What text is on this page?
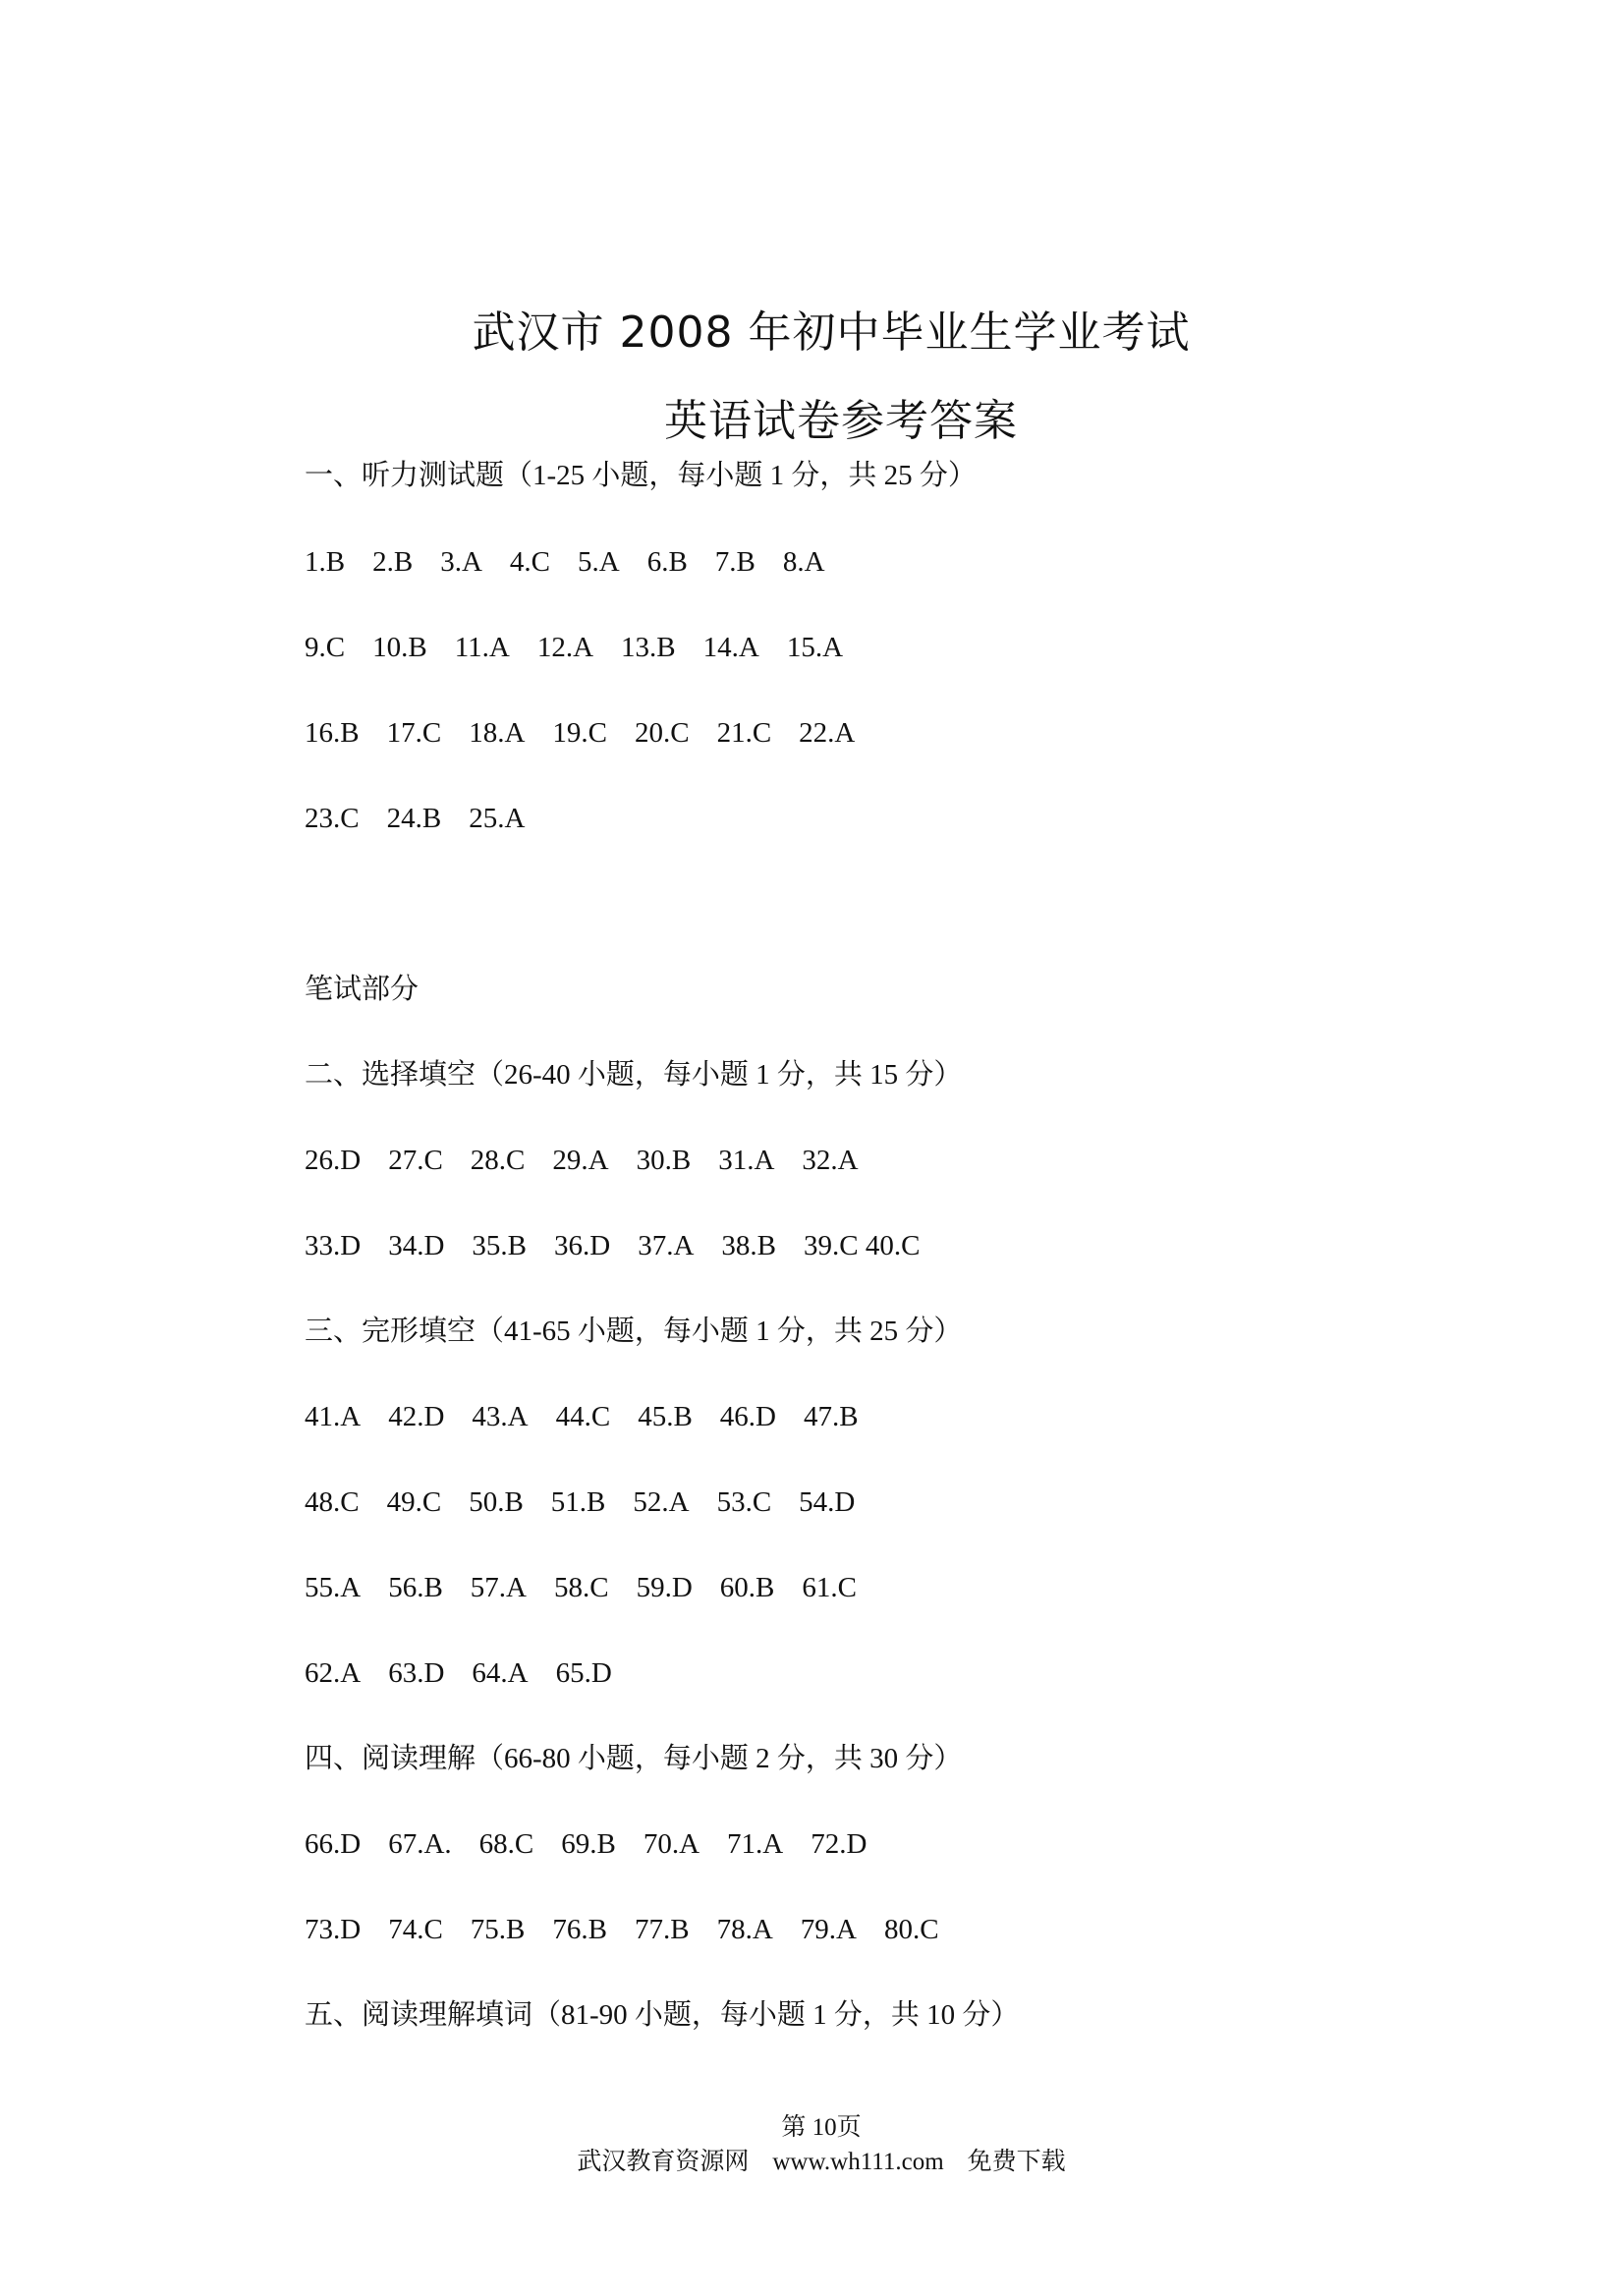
武汉市 2008 年初中毕业生学业考试
英语试卷参考答案
一、听力测试题（1-25 小题，每小题 1 分，共 25 分）
1.B 2.B 3.A 4.C 5.A 6.B 7.B 8.A
9.C 10.B 11.A 12.A 13.B 14.A 15.A
16.B 17.C 18.A 19.C 20.C 21.C 22.A
23.C 24.B 25.A
笔试部分
二、选择填空（26-40 小题，每小题 1 分，共 15 分）
26.D 27.C 28.C 29.A 30.B 31.A 32.A
33.D 34.D 35.B 36.D 37.A 38.B 39.C 40.C
三、完形填空（41-65 小题，每小题 1 分，共 25 分）
41.A 42.D 43.A 44.C 45.B 46.D 47.B
48.C 49.C 50.B 51.B 52.A 53.C 54.D
55.A 56.B 57.A 58.C 59.D 60.B 61.C
62.A 63.D 64.A 65.D
四、阅读理解（66-80 小题，每小题 2 分，共 30 分）
66.D 67.A. 68.C 69.B 70.A 71.A 72.D
73.D 74.C 75.B 76.B 77.B 78.A 79.A 80.C
五、阅读理解填词（81-90 小题，每小题 1 分，共 10 分）
第 10页
武汉教育资源网 www.wh111.com 免费下载
